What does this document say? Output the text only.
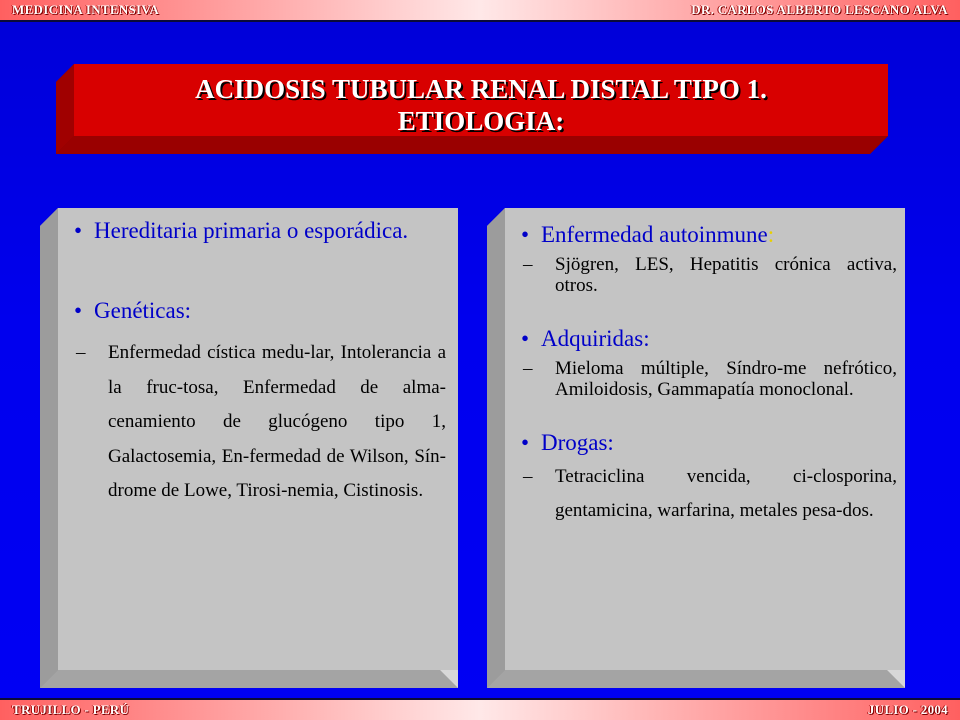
MEDICINA INTENSIVA	DR. CARLOS ALBERTO LESCANO ALVA
ACIDOSIS TUBULAR RENAL DISTAL TIPO 1.
ETIOLOGIA:
• Hereditaria primaria o esporádica.
• Genéticas:
–	Enfermedad cística medu-lar, Intolerancia a la fruc-tosa, Enfermedad de alma-cenamiento de glucógeno tipo 1, Galactosemia, En-fermedad de Wilson, Sín-drome de Lowe, Tirosi-nemia, Cistinosis.
• Enfermedad autoinmune:
–	Sjögren, LES, Hepatitis crónica activa, otros.
• Adquiridas:
–	Mieloma múltiple, Síndro-me nefrótico, Amiloidosis, Gammapatía monoclonal.
• Drogas:
–	Tetraciclina vencida, ci-closporina, gentamicina, warfarina, metales pesa-dos.
TRUJILLO - PERÚ	JULIO - 2004
